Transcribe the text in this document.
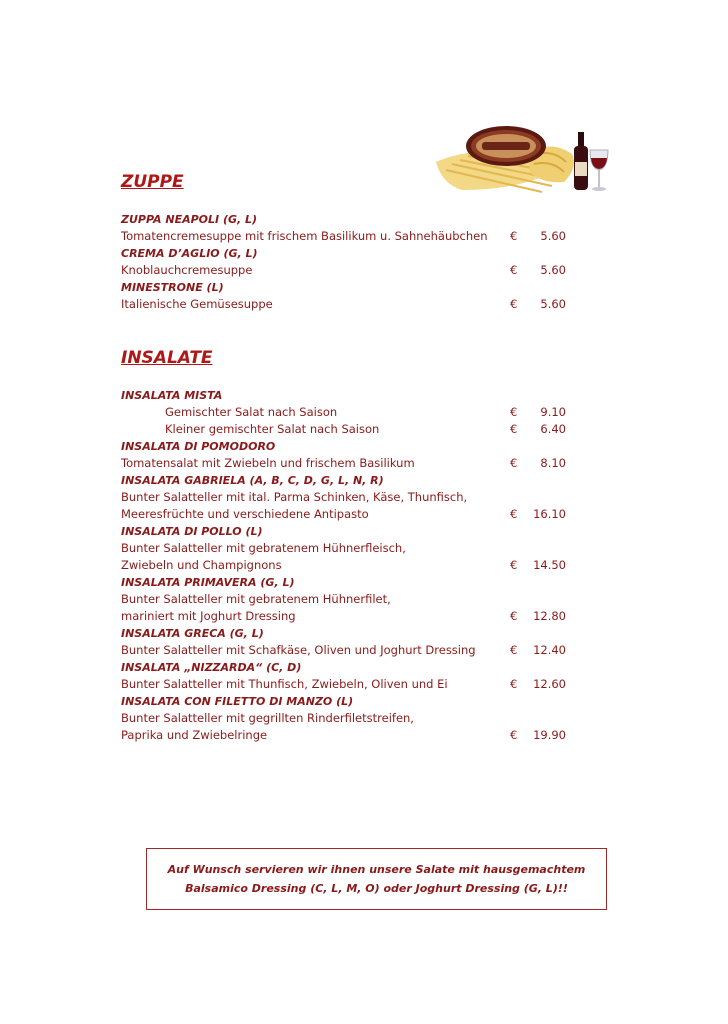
ZUPPE
ZUPPA NEAPOLI (G, L)
Tomatencremesuppe mit frischem Basilikum u. Sahnehäubchen € 5.60
CREMA D’AGLIO (G, L)
Knoblauchcremesuppe	€ 5.60
MINESTRONE (L)
Italienische Gemüsesuppe	€ 5.60
INSALATE
INSALATA MISTA
Gemischter Salat nach Saison	€ 9.10
Kleiner gemischter Salat nach Saison	€ 6.40
INSALATA DI POMODORO
Tomatensalat mit Zwiebeln und frischem Basilikum	€ 8.10
INSALATA GABRIELA (A, B, C, D, G, L, N, R)
Bunter Salatteller mit ital. Parma Schinken, Käse, Thunfisch,
Meeresfrüchte und verschiedene Antipasto	€ 16.10
INSALATA DI POLLO (L)
Bunter Salatteller mit gebratenem Hühnerfleisch,
Zwiebeln und Champignons	€ 14.50
INSALATA PRIMAVERA (G, L)
Bunter Salatteller mit gebratenem Hühnerfilet,
mariniert mit Joghurt Dressing	€ 12.80
INSALATA GRECA (G, L)
Bunter Salatteller mit Schafkäse, Oliven und Joghurt Dressing	€ 12.40
INSALATA „NIZZARDA“ (C, D)
Bunter Salatteller mit Thunfisch, Zwiebeln, Oliven und Ei	€ 12.60
INSALATA CON FILETTO DI MANZO (L)
Bunter Salatteller mit gegrillten Rinderfiletstreifen,
Paprika und Zwiebelringe	€ 19.90
Auf Wunsch servieren wir ihnen unsere Salate mit hausgemachtem
Balsamico Dressing (C, L, M, O) oder Joghurt Dressing (G, L)!!
